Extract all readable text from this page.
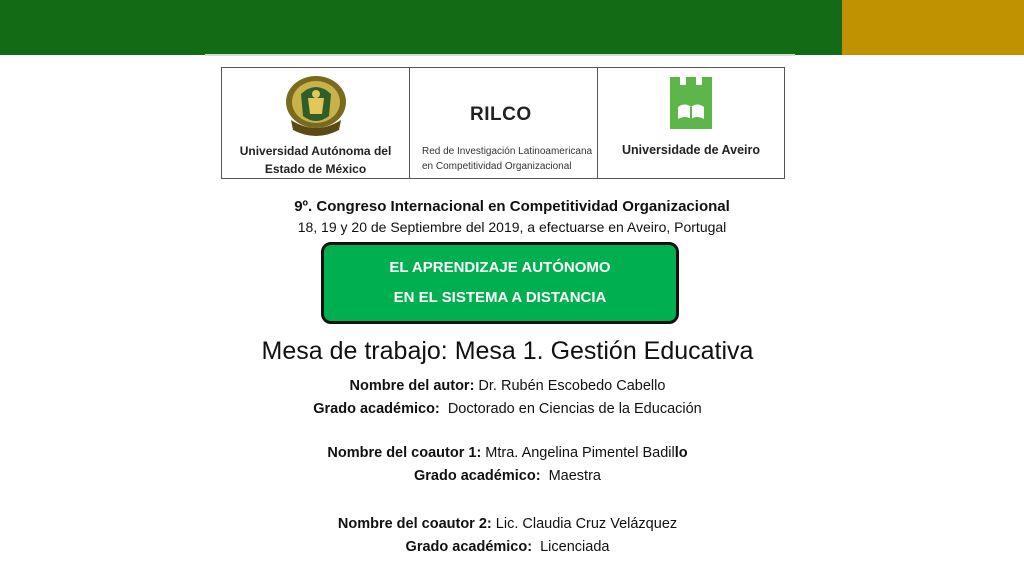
Universidad Autónoma del
Estado de México
RILCO
Red de Investigación Latinoamericana
en Competitividad Organizacional
Universidade de Aveiro
9º. Congreso Internacional en Competitividad Organizacional
18, 19 y 20 de Septiembre del 2019, a efectuarse en Aveiro, Portugal
EL APRENDIZAJE AUTÓNOMO
EN EL SISTEMA A DISTANCIA
Mesa de trabajo: Mesa 1. Gestión Educativa
Nombre del autor: Dr. Rubén Escobedo Cabello
Grado académico:  Doctorado en Ciencias de la Educación
Nombre del coautor 1: Mtra. Angelina Pimentel Badillo
Grado académico:  Maestra
Nombre del coautor 2: Lic. Claudia Cruz Velázquez
Grado académico:  Licenciada
